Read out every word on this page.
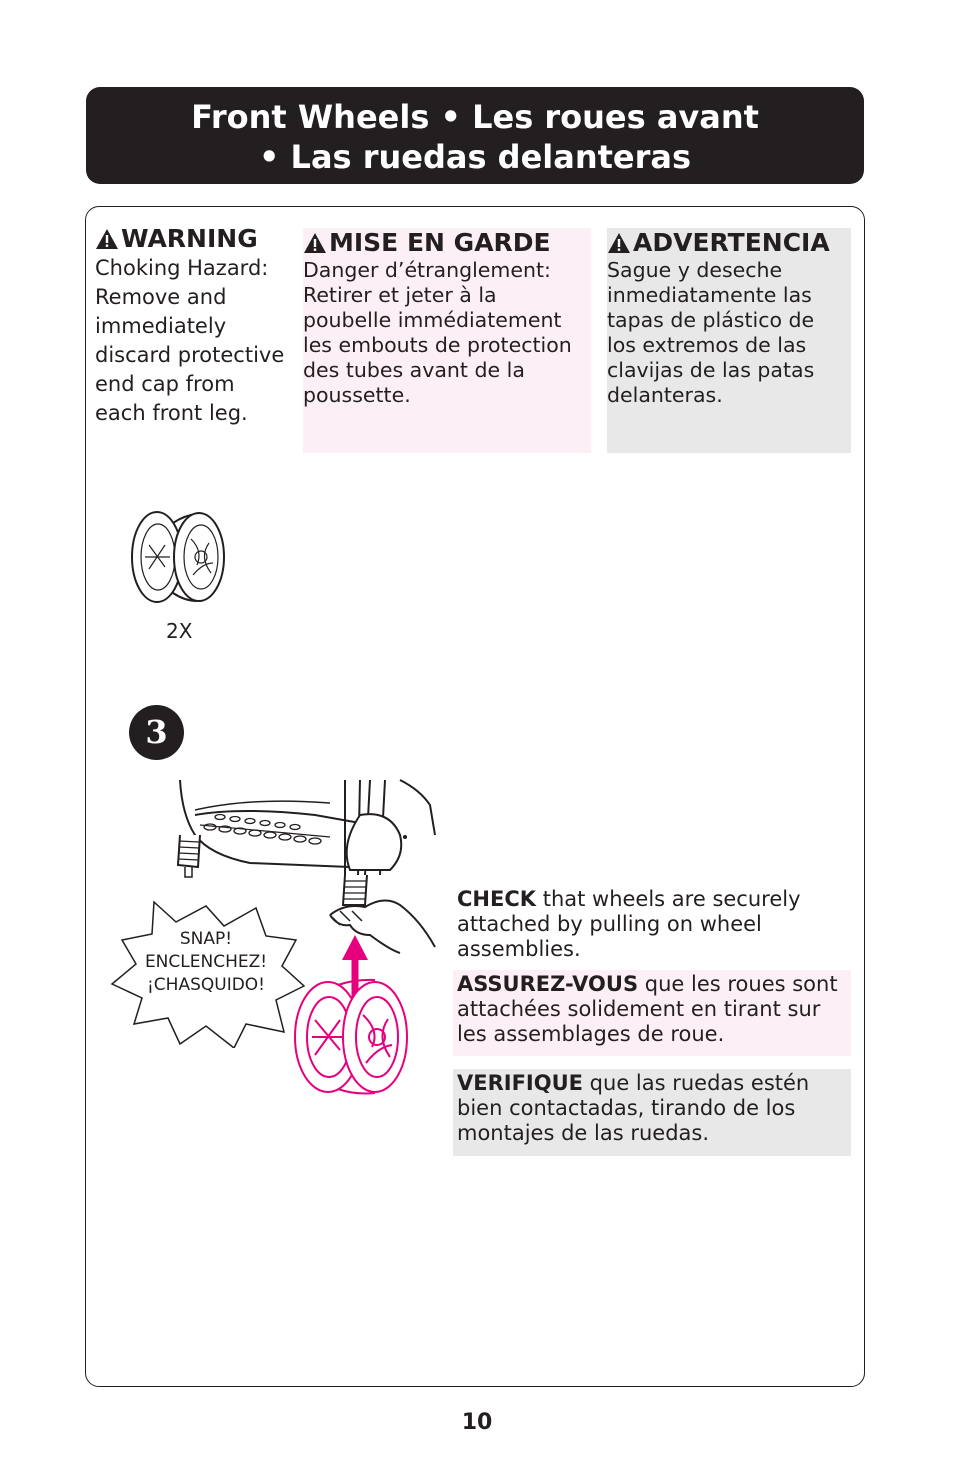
Front Wheels • Les roues avant
• Las ruedas delanteras
WARNING
Choking Hazard:
Remove and
immediately
discard protective
end cap from
each front leg.
MISE EN GARDE
Danger d’étranglement:
Retirer et jeter à la
poubelle immédiatement
les embouts de protection
des tubes avant de la
poussette.
ADVERTENCIA
Sague y deseche
inmediatamente las
tapas de plástico de
los extremos de las
clavijas de las patas
delanteras.
2X
3
SNAP!
ENCLENCHEZ!
¡CHASQUIDO!
CHECK that wheels are securely attached by pulling on wheel assemblies.
ASSUREZ-VOUS que les roues sont attachées solidement en tirant sur les assemblages de roue.
VERIFIQUE que las ruedas estén bien contactadas, tirando de los montajes de las ruedas.
10
